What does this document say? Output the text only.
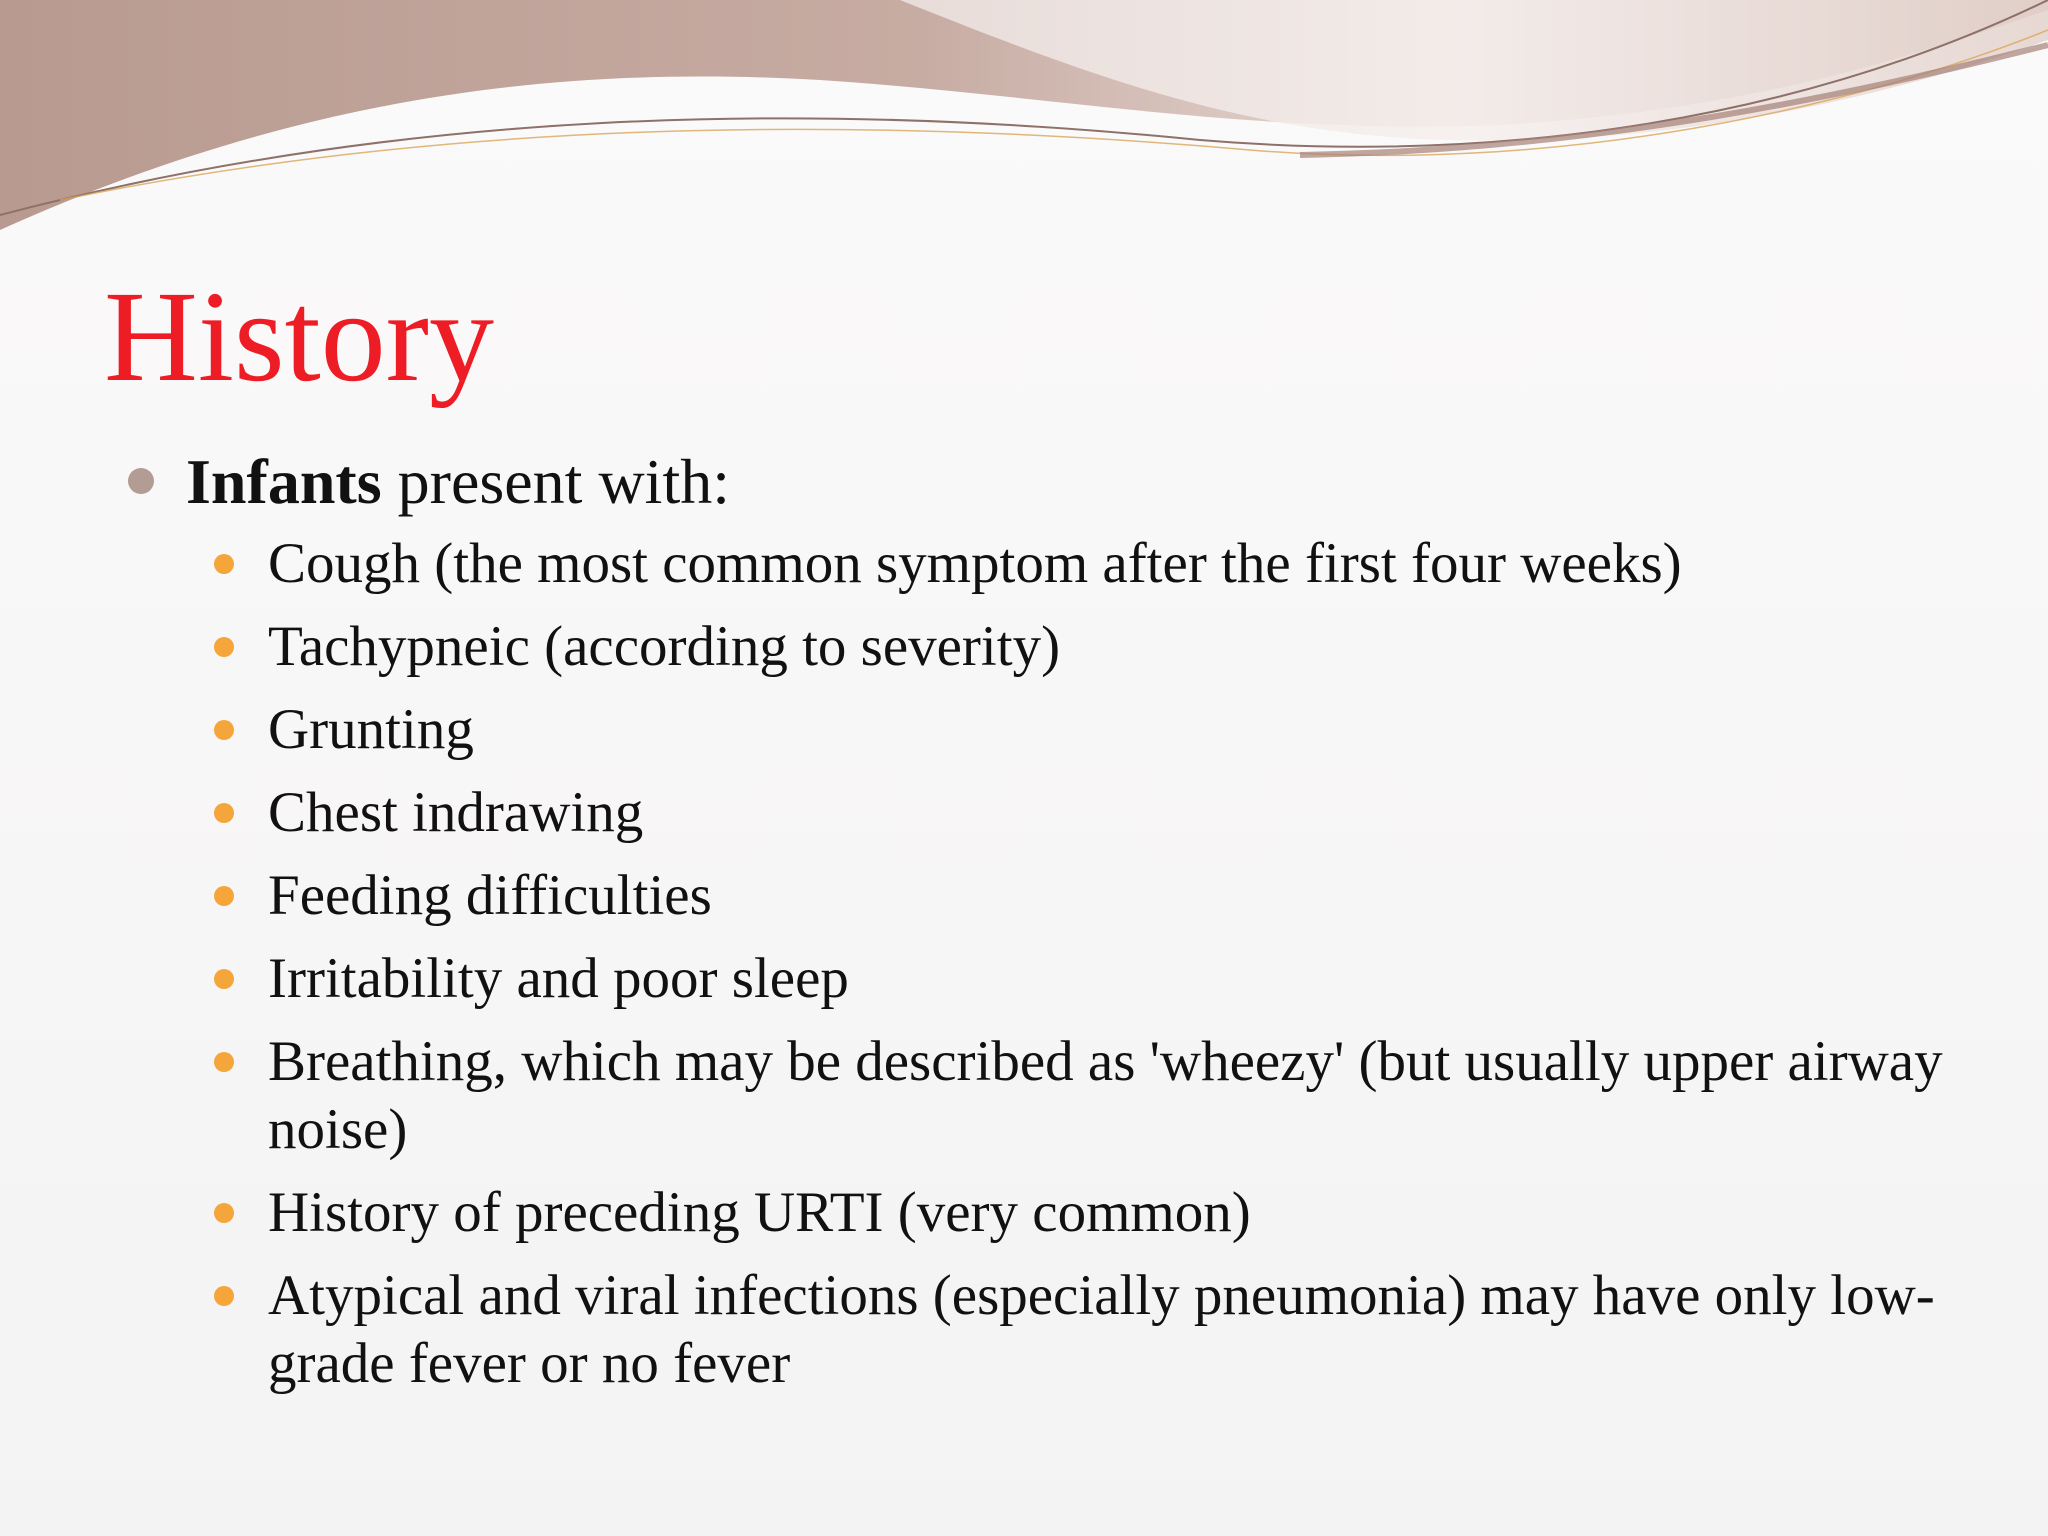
History
Infants present with:
Cough (the most common symptom after the first four weeks)
Tachypneic (according to severity)
Grunting
Chest indrawing
Feeding difficulties
Irritability and poor sleep
Breathing, which may be described as 'wheezy' (but usually upper airway noise)
History of preceding URTI (very common)
Atypical and viral infections (especially pneumonia) may have only low-grade fever or no fever
